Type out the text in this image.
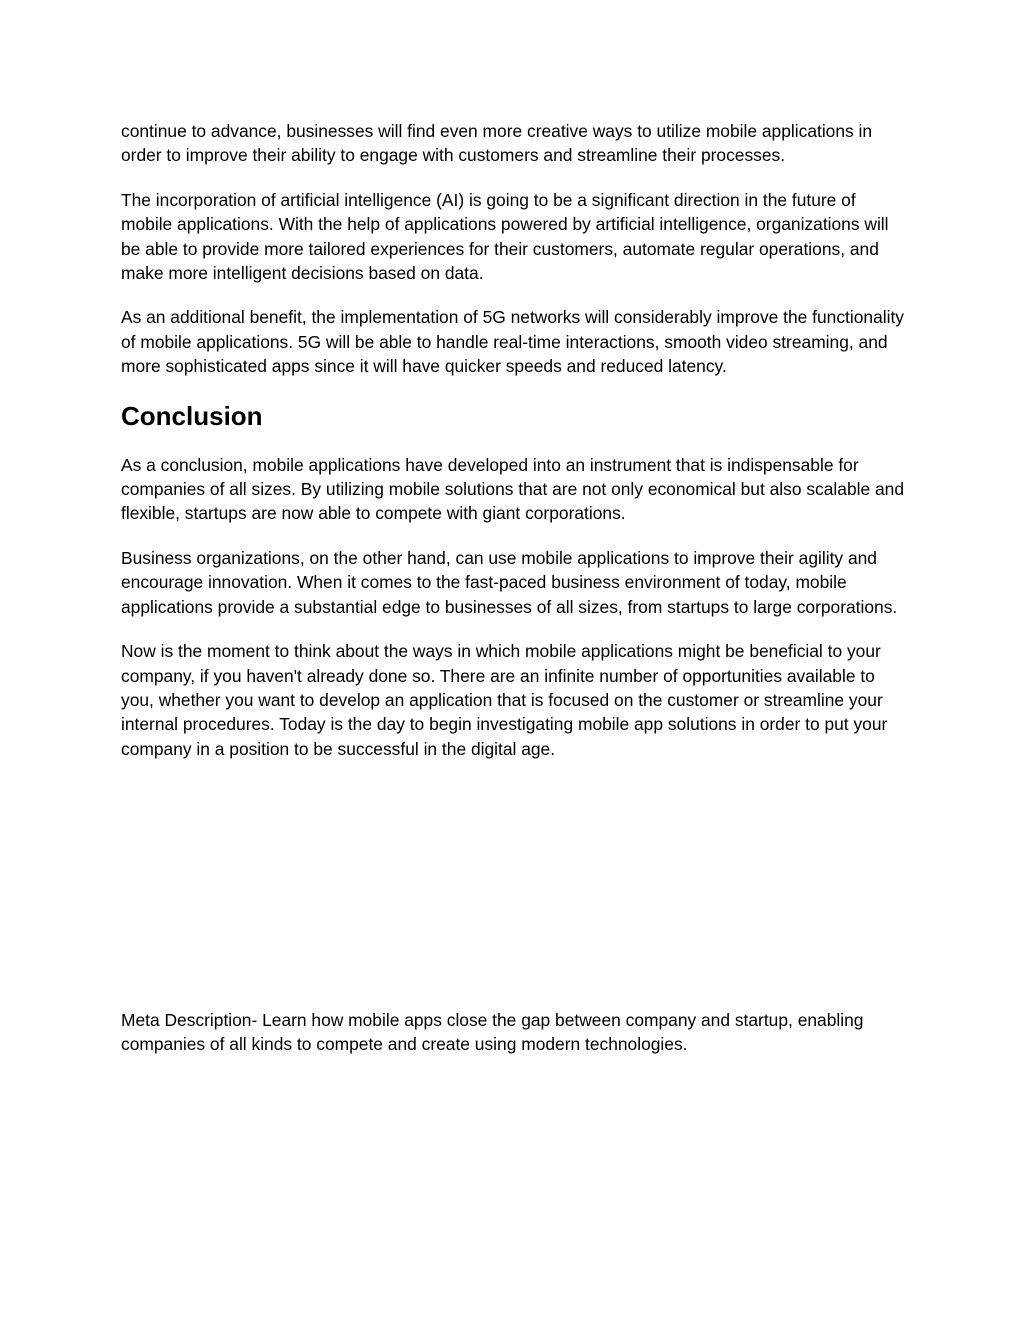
continue to advance, businesses will find even more creative ways to utilize mobile applications in order to improve their ability to engage with customers and streamline their processes.

The incorporation of artificial intelligence (AI) is going to be a significant direction in the future of mobile applications. With the help of applications powered by artificial intelligence, organizations will be able to provide more tailored experiences for their customers, automate regular operations, and make more intelligent decisions based on data.

As an additional benefit, the implementation of 5G networks will considerably improve the functionality of mobile applications. 5G will be able to handle real-time interactions, smooth video streaming, and more sophisticated apps since it will have quicker speeds and reduced latency.

Conclusion

As a conclusion, mobile applications have developed into an instrument that is indispensable for companies of all sizes. By utilizing mobile solutions that are not only economical but also scalable and flexible, startups are now able to compete with giant corporations.

Business organizations, on the other hand, can use mobile applications to improve their agility and encourage innovation. When it comes to the fast-paced business environment of today, mobile applications provide a substantial edge to businesses of all sizes, from startups to large corporations.

Now is the moment to think about the ways in which mobile applications might be beneficial to your company, if you haven't already done so. There are an infinite number of opportunities available to you, whether you want to develop an application that is focused on the customer or streamline your internal procedures. Today is the day to begin investigating mobile app solutions in order to put your company in a position to be successful in the digital age.

Meta Description- Learn how mobile apps close the gap between company and startup, enabling companies of all kinds to compete and create using modern technologies.
